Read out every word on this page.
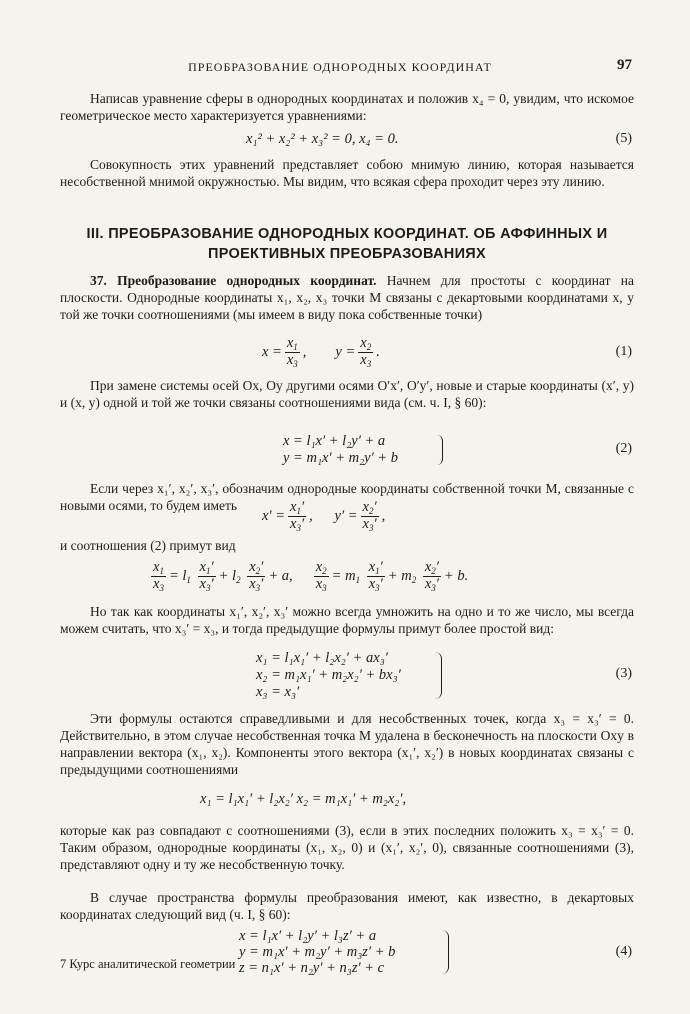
ПРЕОБРАЗОВАНИЕ ОДНОРОДНЫХ КООРДИНАТ	97
Написав уравнение сферы в однородных координатах и положив x₄ = 0, увидим, что искомое геометрическое место характеризуется уравнениями:
x₁² + x₂² + x₃² = 0, x₄ = 0.	(5)
Совокупность этих уравнений представляет собою мнимую линию, которая называется несобственной мнимой окружностью. Мы видим, что всякая сфера проходит через эту линию.
III. ПРЕОБРАЗОВАНИЕ ОДНОРОДНЫХ КООРДИНАТ. ОБ АФФИННЫХ И ПРОЕКТИВНЫХ ПРЕОБРАЗОВАНИЯХ
37. Преобразование однородных координат. Начнем для простоты с координат на плоскости. Однородные координаты x₁, x₂, x₃ точки M связаны с декартовыми координатами x, y той же точки соотношениями (мы имеем в виду пока собственные точки)
$x = \frac{x_1}{x_3}$ ,        $y = \frac{x_2}{x_3}$ .	(1)
При замене системы осей Ox, Oy другими осями O′x′, O′y′, новые и старые координаты (x′, y) и (x, y) одной и той же точки связаны соотношениями вида (см. ч. I, § 60):
x = l₁x′ + l₂y′ + a
y = m₁x′ + m₂y′ + b
(2)
Если через x₁′, x₂′, x₃′, обозначим однородные координаты собственной точки M, связанные с новыми осями, то будем иметь
$x' = \frac{x_1'}{x_3'}$ ,      $y' = \frac{x_2'}{x_3'}$ ,
и соотношения (2) примут вид
$\frac{x_1}{x_3} = l_1 \frac{x_1'}{x_3'} + l_2 \frac{x_2'}{x_3'} + a$, $\frac{x_2}{x_3} = m_1 \frac{x_1'}{x_3'} + m_2 \frac{x_2'}{x_3'} + b$.
Но так как координаты x₁′, x₂′, x₃′ можно всегда умножить на одно и то же число, мы всегда можем считать, что x₃′ = x₃, и тогда предыдущие формулы примут более простой вид:
x₁ = l₁x₁′ + l₂x₂′ + ax₃′
x₂ = m₁x₁′ + m₂x₂′ + bx₃′
x₃ = x₃′
(3)
Эти формулы остаются справедливыми и для несобственных точек, когда x₃ = x₃′ = 0. Действительно, в этом случае несобственная точка M удалена в бесконечность на плоскости Oxy в направлении вектора (x₁, x₂). Компоненты этого вектора (x₁′, x₂′) в новых координатах связаны с предыдущими соотношениями
x₁ = l₁x₁′ + l₂x₂′ x₂ = m₁x₁′ + m₂x₂′,
которые как раз совпадают с соотношениями (3), если в этих последних положить x₃ = x₃′ = 0. Таким образом, однородные координаты (x₁, x₂, 0) и (x₁′, x₂′, 0), связанные соотношениями (3), представляют одну и ту же несобственную точку.
В случае пространства формулы преобразования имеют, как известно, в декартовых координатах следующий вид (ч. I, § 60):
x = l₁x′ + l₂y′ + l₃z′ + a
y = m₁x′ + m₂y′ + m₃z′ + b
z = n₁x′ + n₂y′ + n₃z′ + c
(4)
7 Курс аналитической геометрии
